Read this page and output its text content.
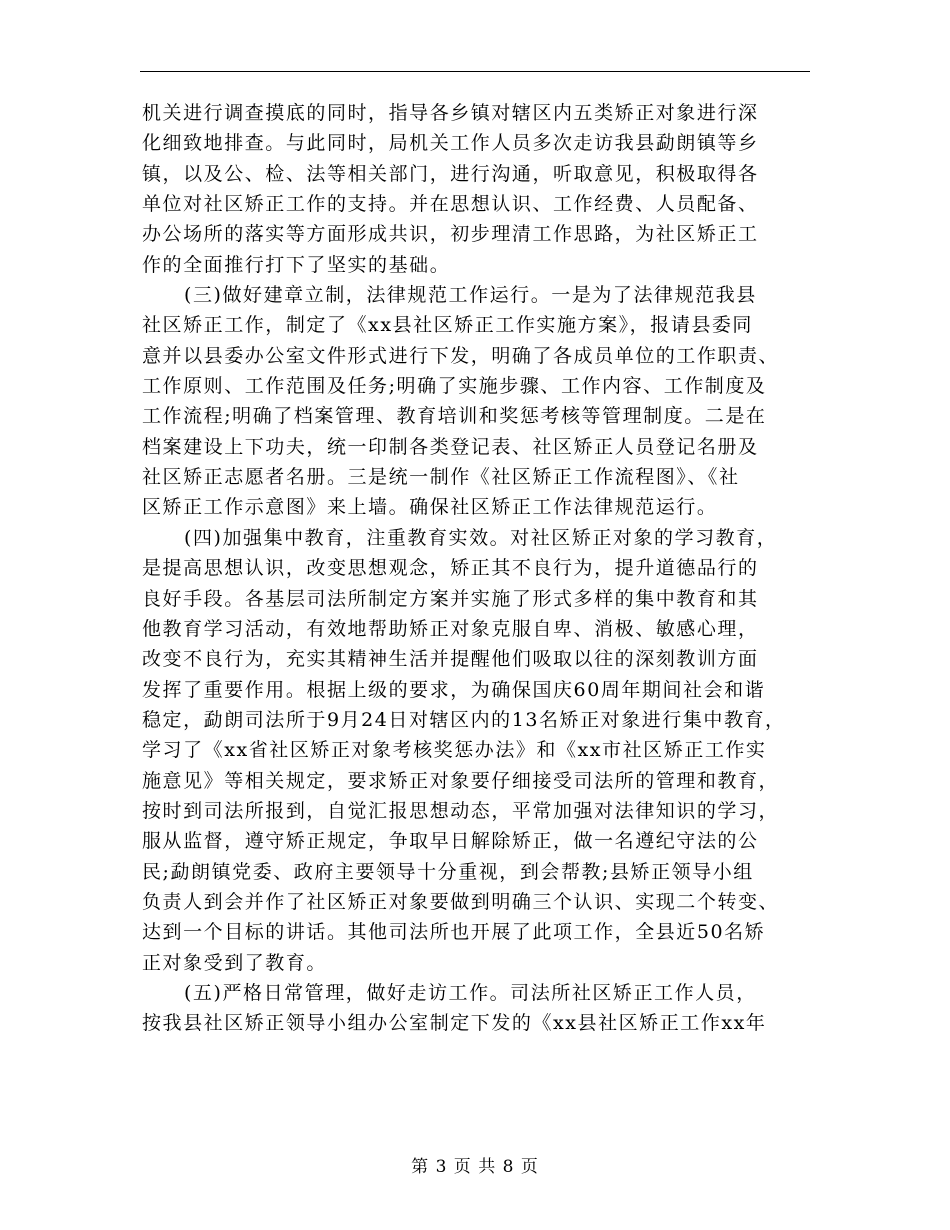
机关进行调查摸底的同时，指导各乡镇对辖区内五类矫正对象进行深
化细致地排查。与此同时，局机关工作人员多次走访我县勐朗镇等乡
镇，以及公、检、法等相关部门，进行沟通，听取意见，积极取得各
单位对社区矫正工作的支持。并在思想认识、工作经费、人员配备、
办公场所的落实等方面形成共识，初步理清工作思路，为社区矫正工
作的全面推行打下了坚实的基础。
(三)做好建章立制，法律规范工作运行。一是为了法律规范我县
社区矫正工作，制定了《xx县社区矫正工作实施方案》，报请县委同
意并以县委办公室文件形式进行下发，明确了各成员单位的工作职责、
工作原则、工作范围及任务;明确了实施步骤、工作内容、工作制度及
工作流程;明确了档案管理、教育培训和奖惩考核等管理制度。二是在
档案建设上下功夫，统一印制各类登记表、社区矫正人员登记名册及
社区矫正志愿者名册。三是统一制作《社区矫正工作流程图》、《社
区矫正工作示意图》来上墙。确保社区矫正工作法律规范运行。
(四)加强集中教育，注重教育实效。对社区矫正对象的学习教育，
是提高思想认识，改变思想观念，矫正其不良行为，提升道德品行的
良好手段。各基层司法所制定方案并实施了形式多样的集中教育和其
他教育学习活动，有效地帮助矫正对象克服自卑、消极、敏感心理，
改变不良行为，充实其精神生活并提醒他们吸取以往的深刻教训方面
发挥了重要作用。根据上级的要求，为确保国庆60周年期间社会和谐
稳定，勐朗司法所于9月24日对辖区内的13名矫正对象进行集中教育，
学习了《xx省社区矫正对象考核奖惩办法》和《xx市社区矫正工作实
施意见》等相关规定，要求矫正对象要仔细接受司法所的管理和教育，
按时到司法所报到，自觉汇报思想动态，平常加强对法律知识的学习，
服从监督，遵守矫正规定，争取早日解除矫正，做一名遵纪守法的公
民;勐朗镇党委、政府主要领导十分重视，到会帮教;县矫正领导小组
负责人到会并作了社区矫正对象要做到明确三个认识、实现二个转变、
达到一个目标的讲话。其他司法所也开展了此项工作，全县近50名矫
正对象受到了教育。
(五)严格日常管理，做好走访工作。司法所社区矫正工作人员，
按我县社区矫正领导小组办公室制定下发的《xx县社区矫正工作xx年
第 3 页 共 8 页
